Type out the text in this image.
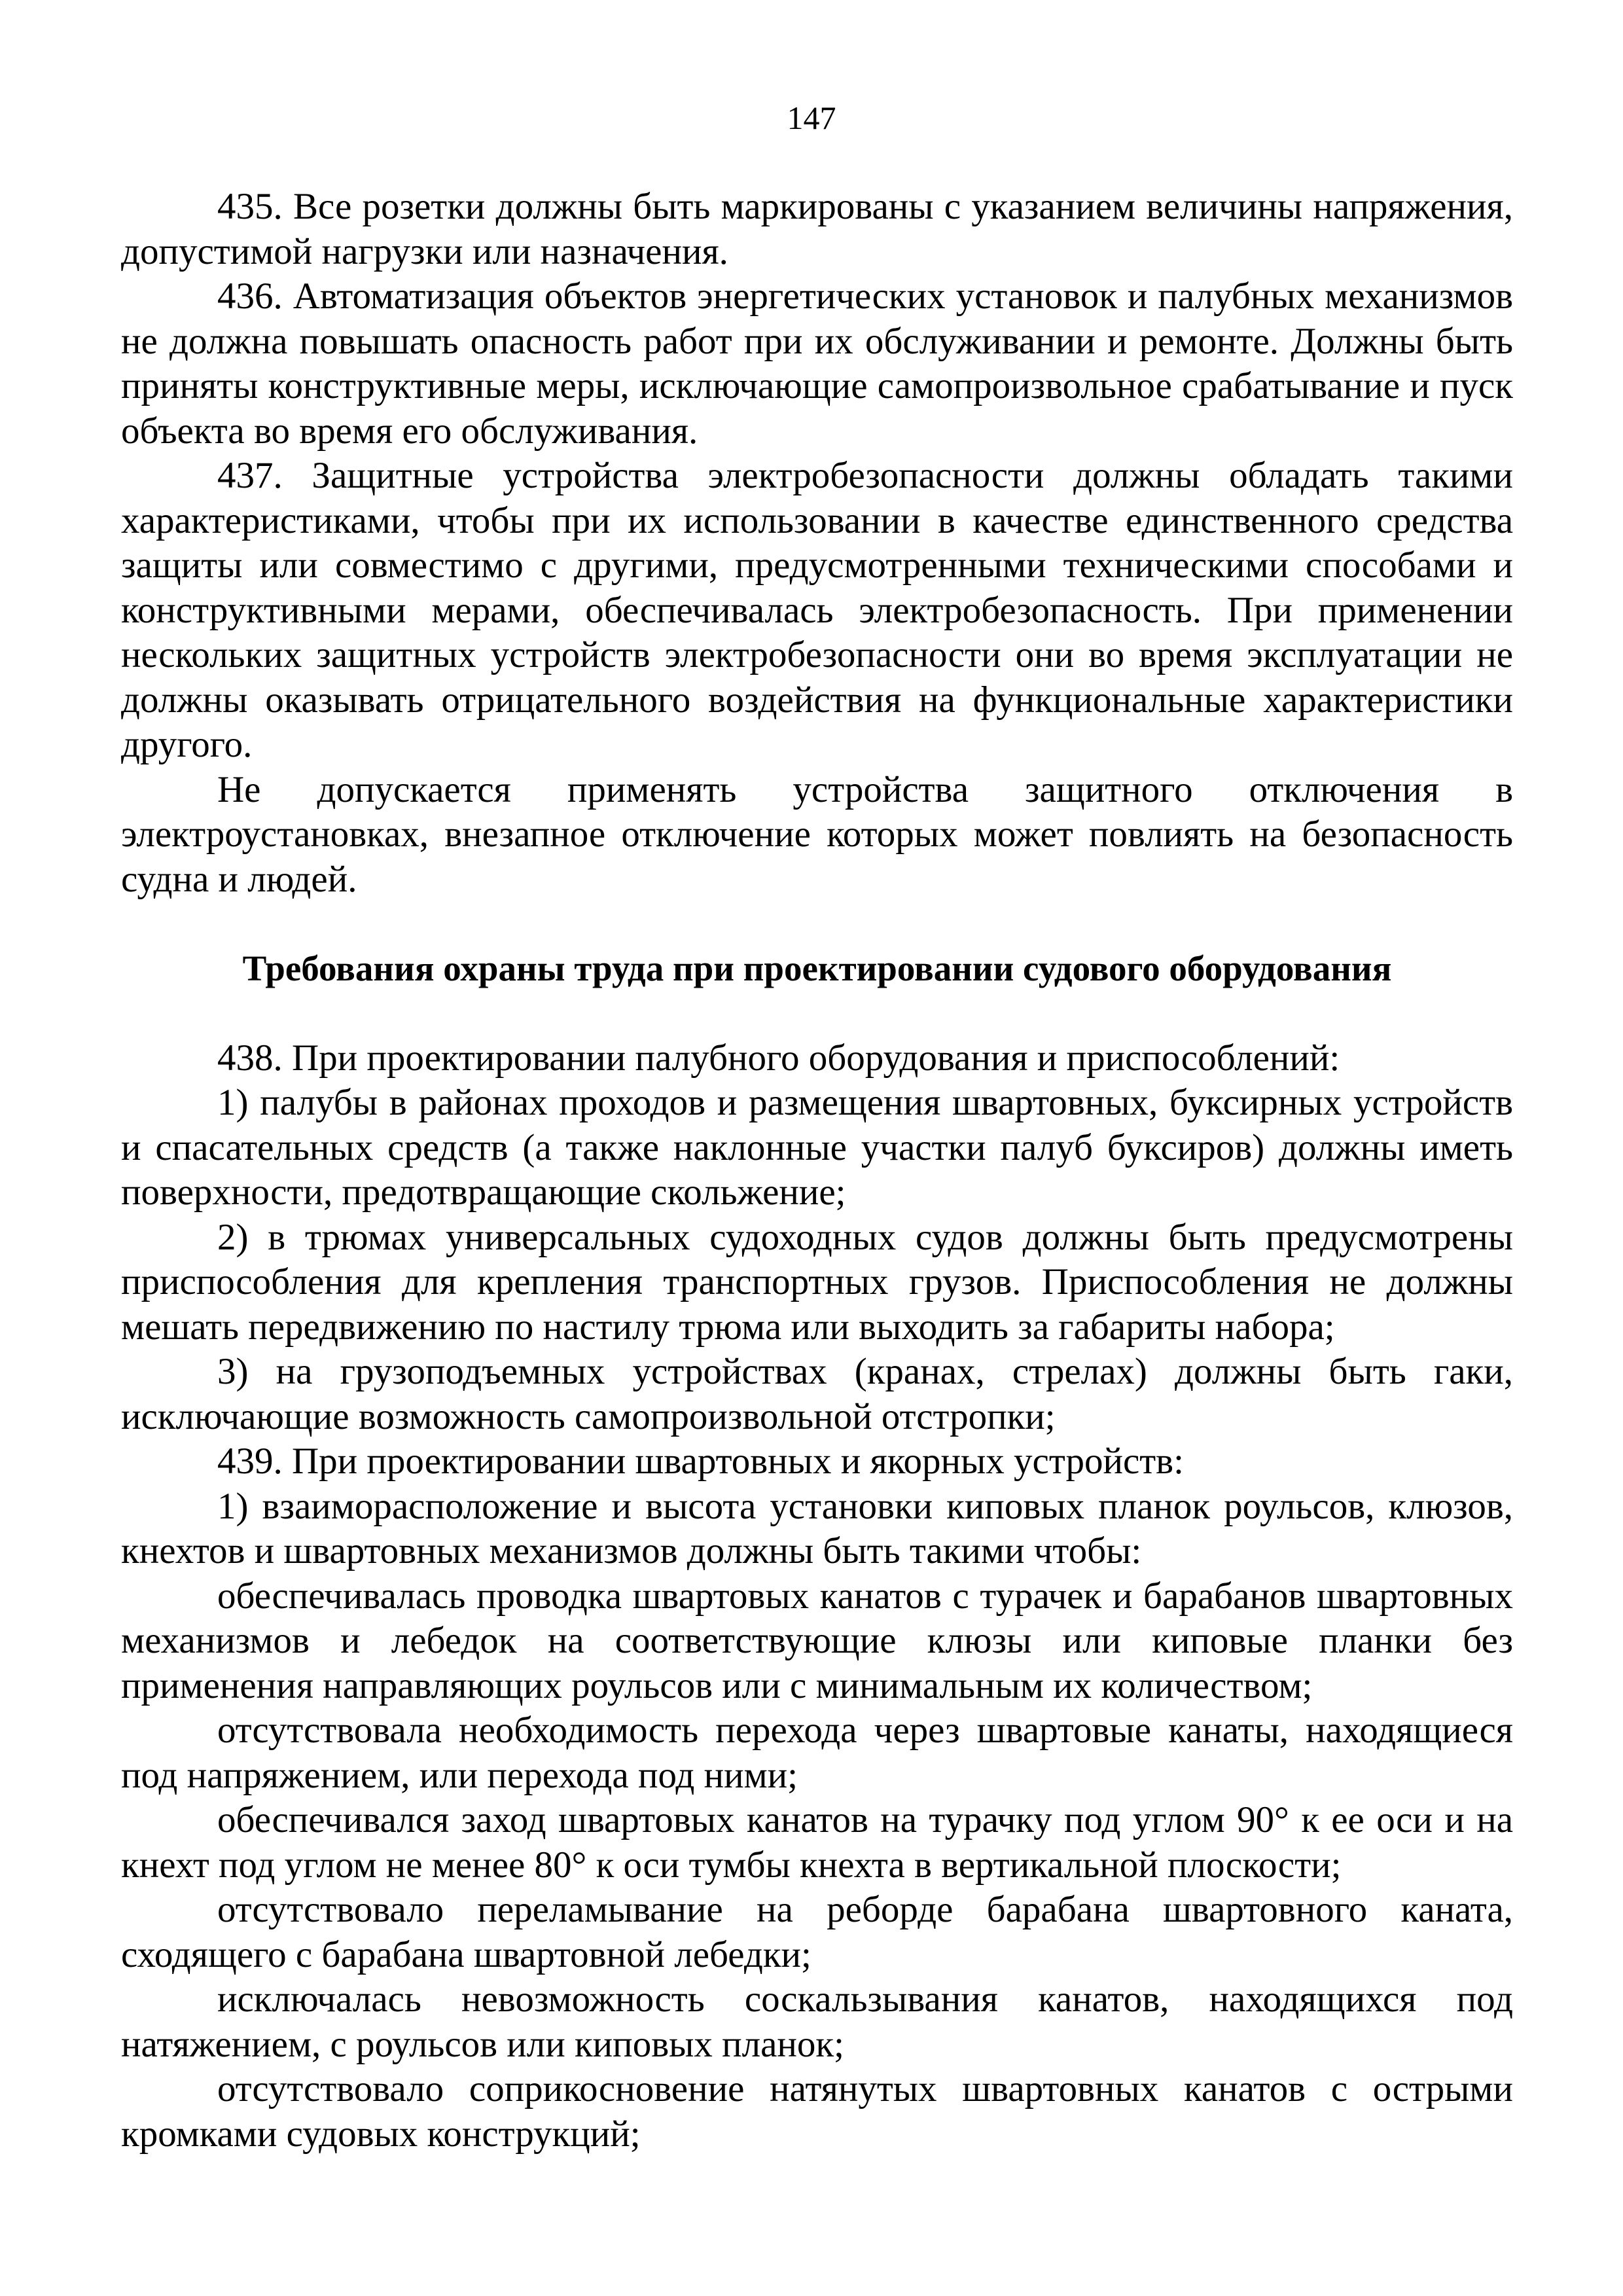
147

435. Все розетки должны быть маркированы с указанием величины напряжения, допустимой нагрузки или назначения.

436. Автоматизация объектов энергетических установок и палубных механизмов не должна повышать опасность работ при их обслуживании и ремонте. Должны быть приняты конструктивные меры, исключающие самопроизвольное срабатывание и пуск объекта во время его обслуживания.

437. Защитные устройства электробезопасности должны обладать такими характеристиками, чтобы при их использовании в качестве единственного средства защиты или совместимо с другими, предусмотренными техническими способами и конструктивными мерами, обеспечивалась электробезопасность. При применении нескольких защитных устройств электробезопасности они во время эксплуатации не должны оказывать отрицательного воздействия на функциональные характеристики другого.

Не допускается применять устройства защитного отключения в электроустановках, внезапное отключение которых может повлиять на безопасность судна и людей.

Требования охраны труда при проектировании судового оборудования

438. При проектировании палубного оборудования и приспособлений:

1) палубы в районах проходов и размещения швартовных, буксирных устройств и спасательных средств (а также наклонные участки палуб буксиров) должны иметь поверхности, предотвращающие скольжение;

2) в трюмах универсальных судоходных судов должны быть предусмотрены приспособления для крепления транспортных грузов. Приспособления не должны мешать передвижению по настилу трюма или выходить за габариты набора;

3) на грузоподъемных устройствах (кранах, стрелах) должны быть гаки, исключающие возможность самопроизвольной отстропки;

439. При проектировании швартовных и якорных устройств:

1) взаиморасположение и высота установки киповых планок роульсов, клюзов, кнехтов и швартовных механизмов должны быть такими чтобы:

обеспечивалась проводка швартовых канатов с турачек и барабанов швартовных механизмов и лебедок на соответствующие клюзы или киповые планки без применения направляющих роульсов или с минимальным их количеством;

отсутствовала необходимость перехода через швартовые канаты, находящиеся под напряжением, или перехода под ними;

обеспечивался заход швартовых канатов на турачку под углом 90° к ее оси и на кнехт под углом не менее 80° к оси тумбы кнехта в вертикальной плоскости;

отсутствовало переламывание на реборде барабана швартовного каната, сходящего с барабана швартовной лебедки;

исключалась невозможность соскальзывания канатов, находящихся под натяжением, с роульсов или киповых планок;

отсутствовало соприкосновение натянутых швартовных канатов с острыми кромками судовых конструкций;
